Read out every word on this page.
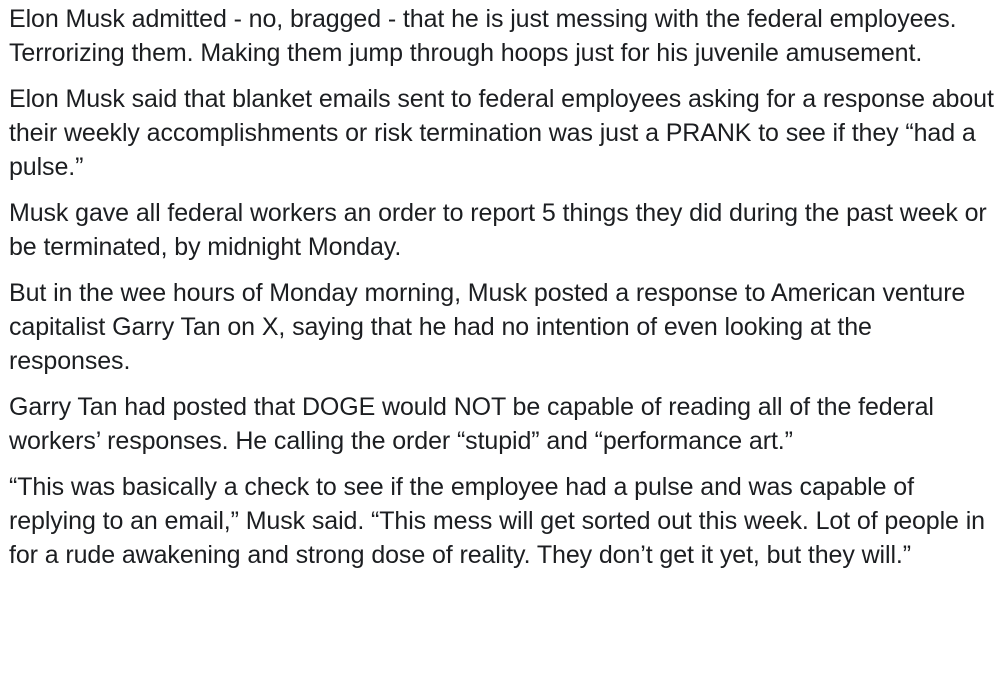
Elon Musk admitted - no, bragged - that he is just messing with the federal employees. Terrorizing them. Making them jump through hoops just for his juvenile amusement.

Elon Musk said that blanket emails sent to federal employees asking for a response about their weekly accomplishments or risk termination was just a PRANK to see if they “had a pulse.”

Musk gave all federal workers an order to report 5 things they did during the past week or be terminated, by midnight Monday.

But in the wee hours of Monday morning, Musk posted a response to American venture capitalist Garry Tan on X, saying that he had no intention of even looking at the responses.

Garry Tan had posted that DOGE would NOT be capable of reading all of the federal workers’ responses. He calling the order “stupid” and “performance art.”

“This was basically a check to see if the employee had a pulse and was capable of replying to an email,” Musk said. “This mess will get sorted out this week. Lot of people in for a rude awakening and strong dose of reality. They don’t get it yet, but they will.”
